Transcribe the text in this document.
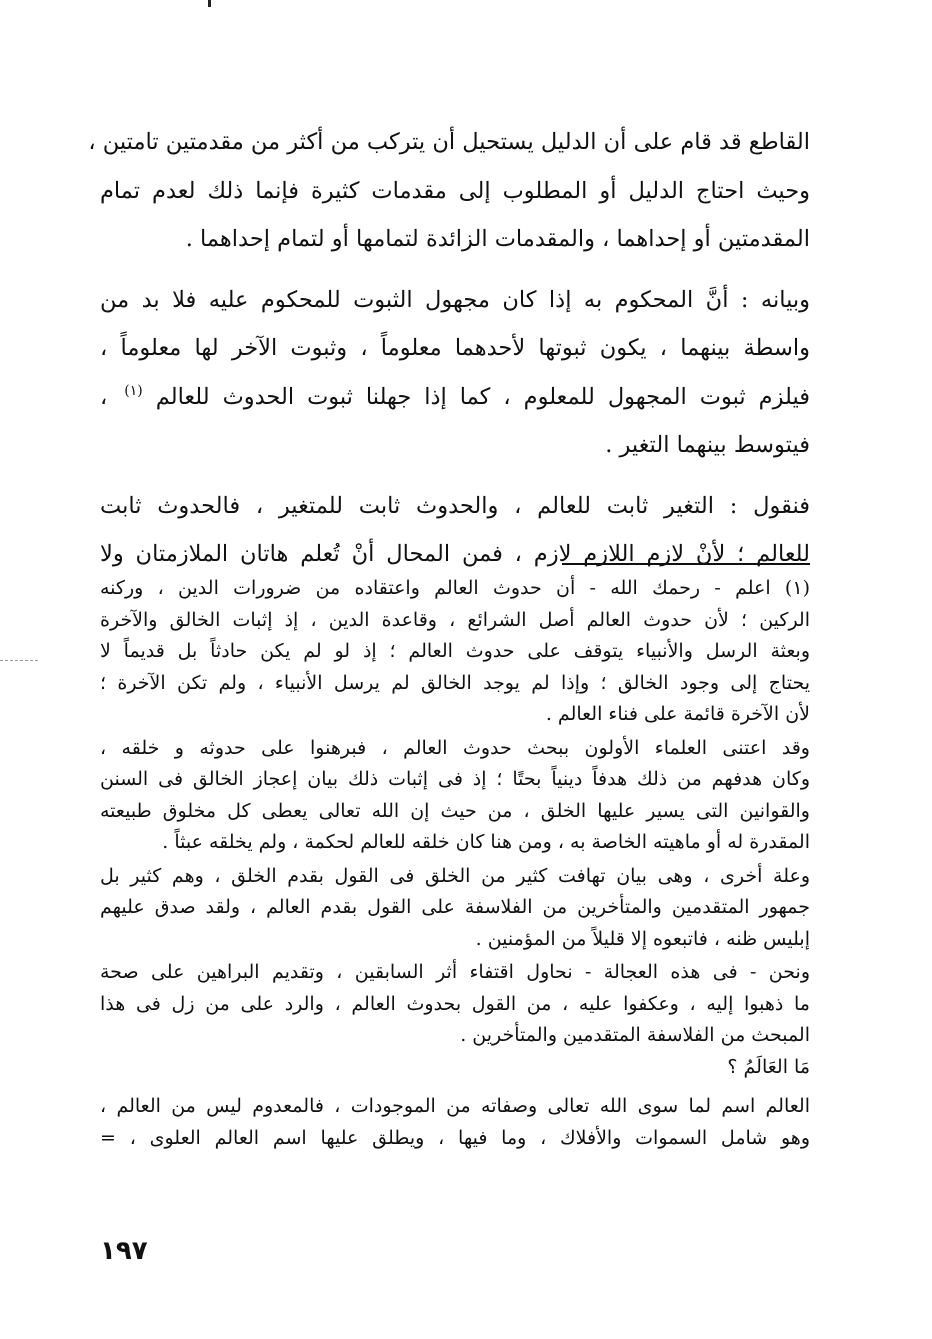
القاطع قد قام على أن الدليل يستحيل أن يتركب من أكثر من مقدمتين تامتين ،
وحيث احتاج الدليل أو المطلوب إلى مقدمات كثيرة فإنما ذلك لعدم تمام
المقدمتين أو إحداهما ، والمقدمات الزائدة لتمامها أو لتمام إحداهما .
وبيانه : أنَّ المحكوم به إذا كان مجهول الثبوت للمحكوم عليه فلا بد من
واسطة بينهما ، يكون ثبوتها لأحدهما معلوماً ، وثبوت الآخر لها معلوماً ،
فيلزم ثبوت المجهول للمعلوم ، كما إذا جهلنا ثبوت الحدوث للعالم $^{(١)}$ ،
فيتوسط بينهما التغير .
فنقول : التغير ثابت للعالم ، والحدوث ثابت للمتغير ، فالحدوث ثابت
للعالم ؛ لأنْ لازم اللازم لازم ، فمن المحال أنْ تُعلم هاتان الملازمتان ولا
(١) اعلم - رحمك الله - أن حدوث العالم واعتقاده من ضرورات الدين ، وركنه
الركين ؛ لأن حدوث العالم أصل الشرائع ، وقاعدة الدين ، إذ إثبات الخالق والآخرة
وبعثة الرسل والأنبياء يتوقف على حدوث العالم ؛ إذ لو لم يكن حادثاً بل قديماً لا
يحتاج إلى وجود الخالق ؛ وإذا لم يوجد الخالق لم يرسل الأنبياء ، ولم تكن الآخرة ؛
لأن الآخرة قائمة على فناء العالم .
وقد اعتنى العلماء الأولون ببحث حدوث العالم ، فبرهنوا على حدوثه و خلقه ،
وكان هدفهم من ذلك هدفاً دينياً بحتًا ؛ إذ فى إثبات ذلك بيان إعجاز الخالق فى السنن
والقوانين التى يسير عليها الخلق ، من حيث إن الله تعالى يعطى كل مخلوق طبيعته
المقدرة له أو ماهيته الخاصة به ، ومن هنا كان خلقه للعالم لحكمة ، ولم يخلقه عبثاً .
وعلة أخرى ، وهى بيان تهافت كثير من الخلق فى القول بقدم الخلق ، وهم كثير بل
جمهور المتقدمين والمتأخرين من الفلاسفة على القول بقدم العالم ، ولقد صدق عليهم
إبليس ظنه ، فاتبعوه إلا قليلاً من المؤمنين .
ونحن - فى هذه العجالة - نحاول اقتفاء أثر السابقين ، وتقديم البراهين على صحة
ما ذهبوا إليه ، وعكفوا عليه ، من القول بحدوث العالم ، والرد على من زل فى هذا
المبحث من الفلاسفة المتقدمين والمتأخرين .
مَا العَالَمُ ؟
العالم اسم لما سوى الله تعالى وصفاته من الموجودات ، فالمعدوم ليس من العالم ،
وهو شامل السموات والأفلاك ، وما فيها ، ويطلق عليها اسم العالم العلوى ، =
١٩٧
